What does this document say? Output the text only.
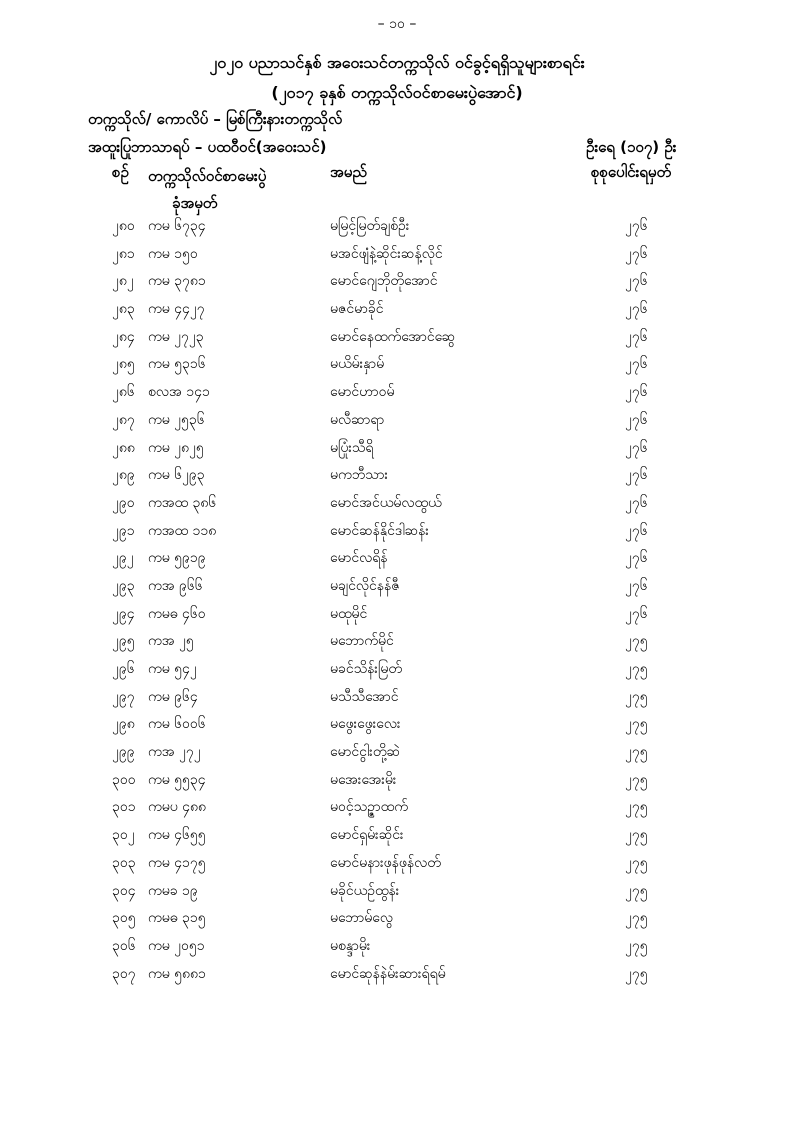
– ၁၀ –
၂၀၂၀ ပညာသင်နှစ် အဝေးသင်တက္ကသိုလ် ဝင်ခွင့်ရရှိသူများစာရင်း
(၂၀၁၇ ခုနှစ် တက္ကသိုလ်ဝင်စာမေးပွဲအောင်)
တက္ကသိုလ်/ ကောလိပ် – မြစ်ကြီးနားတက္ကသိုလ်
အထူးပြုဘာသာရပ် – ပထဝီဝင်(အဝေးသင်)	ဦးရေ (၁၀၇) ဦး
စဉ် တက္ကသိုလ်ဝင်စာမေးပွဲ
ခုံအမှတ်
အမည်	စုစုပေါင်းရမှတ်
၂၈၀ ကမ ၆၇၃၄	မမြင့်မြတ်ချစ်ဦး	၂၇၆
၂၈၁ ကမ ၁၅၀	မအင်ဖျံနဲ့ဆိုင်းဆန့်လိုင်	၂၇၆
၂၈၂ ကမ ၃၇၈၁	မောင်ဂျေဘိုတိုအောင်	၂၇၆
၂၈၃ ကမ ၄၄၂၇	မဇင်မာခိုင်	၂၇၆
၂၈၄ ကမ ၂၇၂၃	မောင်နေထက်အောင်ဆွေ	၂၇၆
၂၈၅ ကမ ၅၃၁၆	မယိမ်းနှာမ်	၂၇၆
၂၈၆ စလအ ၁၄၁	မောင်ဟာဝမ်	၂၇၆
၂၈၇ ကမ ၂၅၃၆	မလီဆာရာ	၂၇၆
၂၈၈ ကမ ၂၈၂၅	မပြုံးသီရိ	၂၇၆
၂၈၉ ကမ ၆၂၉၃	မကဘီသား	၂၇၆
၂၉၀ ကအထ ၃၈၆	မောင်အင်ယမ်လထွယ်	၂၇၆
၂၉၁ ကအထ ၁၁၈	မောင်ဆန်နိုင်ဒါဆန်း	၂၇၆
၂၉၂ ကမ ၅၉၁၉	မောင်လရိန်	၂၇၆
၂၉၃ ကအ ၉၆၆	မချင်လိုင်နန်ဇီ	၂၇၆
၂၉၄ ကမဓ ၄၆၀	မထုမိုင်	၂၇၆
၂၉၅ ကအ ၂၅	မဘောက်မိုင်	၂၇၅
၂၉၆ ကမ ၅၄၂	မခင်သိန်းမြတ်	၂၇၅
၂၉၇ ကမ ၉၆၄	မသီသီအောင်	၂၇၅
၂၉၈ ကမ ၆၀၀၆	မဖွေးဖွေးလေး	၂၇၅
၂၉၉ ကအ ၂၇၂	မောင်ငွါးတို့ဆဲ	၂၇၅
၃၀၀ ကမ ၅၅၃၄	မအေးအေးမိုး	၂၇၅
၃၀၁ ကမပ ၄၈၈	မဝင့်သဉ္ဇာထက်	၂၇၅
၃၀၂ ကမ ၄၆၅၅	မောင်ရှမ်းဆိုင်း	၂၇၅
၃၀၃ ကမ ၄၁၇၅	မောင်မနားဖုန်ဖုန်လတ်	၂၇၅
၃၀၄ ကမခ ၁၉	မခိုင်ယဉ်ထွန်း	၂၇၅
၃၀၅ ကမဓ ၃၁၅	မဘောမ်လွေ	၂၇၅
၃၀၆ ကမ ၂၀၅၁	မစန္ဒာမိုး	၂၇၅
၃၀၇ ကမ ၅၈၈၁	မောင်ဆုန်နဲမ်းဆားရ်ရမ်	၂၇၅
